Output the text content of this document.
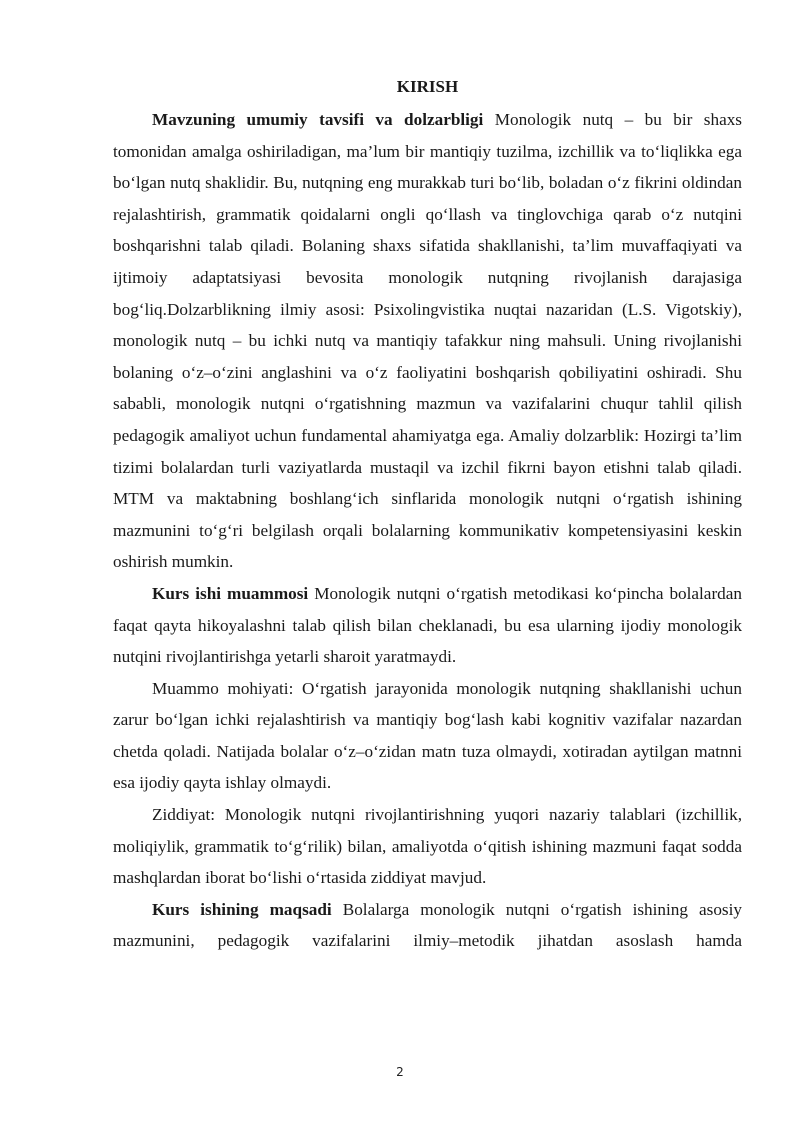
KIRISH

Mavzuning umumiy tavsifi va dolzarbligi Monologik nutq – bu bir shaxs tomonidan amalga oshiriladigan, ma’lum bir mantiqiy tuzilma, izchillik va to‘liqlikka ega bo‘lgan nutq shaklidir. Bu, nutqning eng murakkab turi bo‘lib, boladan o‘z fikrini oldindan rejalashtirish, grammatik qoidalarni ongli qo‘llash va tinglovchiga qarab o‘z nutqini boshqarishni talab qiladi. Bolaning shaxs sifatida shakllanishi, ta’lim muvaffaqiyati va ijtimoiy adaptatsiyasi bevosita monologik nutqning rivojlanish darajasiga bog‘liq.Dolzarblikning ilmiy asosi: Psixolingvistika nuqtai nazaridan (L.S. Vigotskiy), monologik nutq – bu ichki nutq va mantiqiy tafakkur ning mahsuli. Uning rivojlanishi bolaning o‘z–o‘zini anglashini va o‘z faoliyatini boshqarish qobiliyatini oshiradi. Shu sababli, monologik nutqni o‘rgatishning mazmun va vazifalarini chuqur tahlil qilish pedagogik amaliyot uchun fundamental ahamiyatga ega. Amaliy dolzarblik: Hozirgi ta’lim tizimi bolalardan turli vaziyatlarda mustaqil va izchil fikrni bayon etishni talab qiladi. MTM va maktabning boshlang‘ich sinflarida monologik nutqni o‘rgatish ishining mazmunini to‘g‘ri belgilash orqali bolalarning kommunikativ kompetensiyasini keskin oshirish mumkin.

Kurs ishi muammosi Monologik nutqni o‘rgatish metodikasi ko‘pincha bolalardan faqat qayta hikoyalashni talab qilish bilan cheklanadi, bu esa ularning ijodiy monologik nutqini rivojlantirishga yetarli sharoit yaratmaydi.

Muammo mohiyati: O‘rgatish jarayonida monologik nutqning shakllanishi uchun zarur bo‘lgan ichki rejalashtirish va mantiqiy bog‘lash kabi kognitiv vazifalar nazardan chetda qoladi. Natijada bolalar o‘z–o‘zidan matn tuza olmaydi, xotiradan aytilgan matnni esa ijodiy qayta ishlay olmaydi.

Ziddiyat: Monologik nutqni rivojlantirishning yuqori nazariy talablari (izchillik, moliqiylik, grammatik to‘g‘rilik) bilan, amaliyotda o‘qitish ishining mazmuni faqat sodda mashqlardan iborat bo‘lishi o‘rtasida ziddiyat mavjud.

Kurs ishining maqsadi Bolalarga monologik nutqni o‘rgatish ishining asosiy mazmunini, pedagogik vazifalarini ilmiy–metodik jihatdan asoslash hamda

2
